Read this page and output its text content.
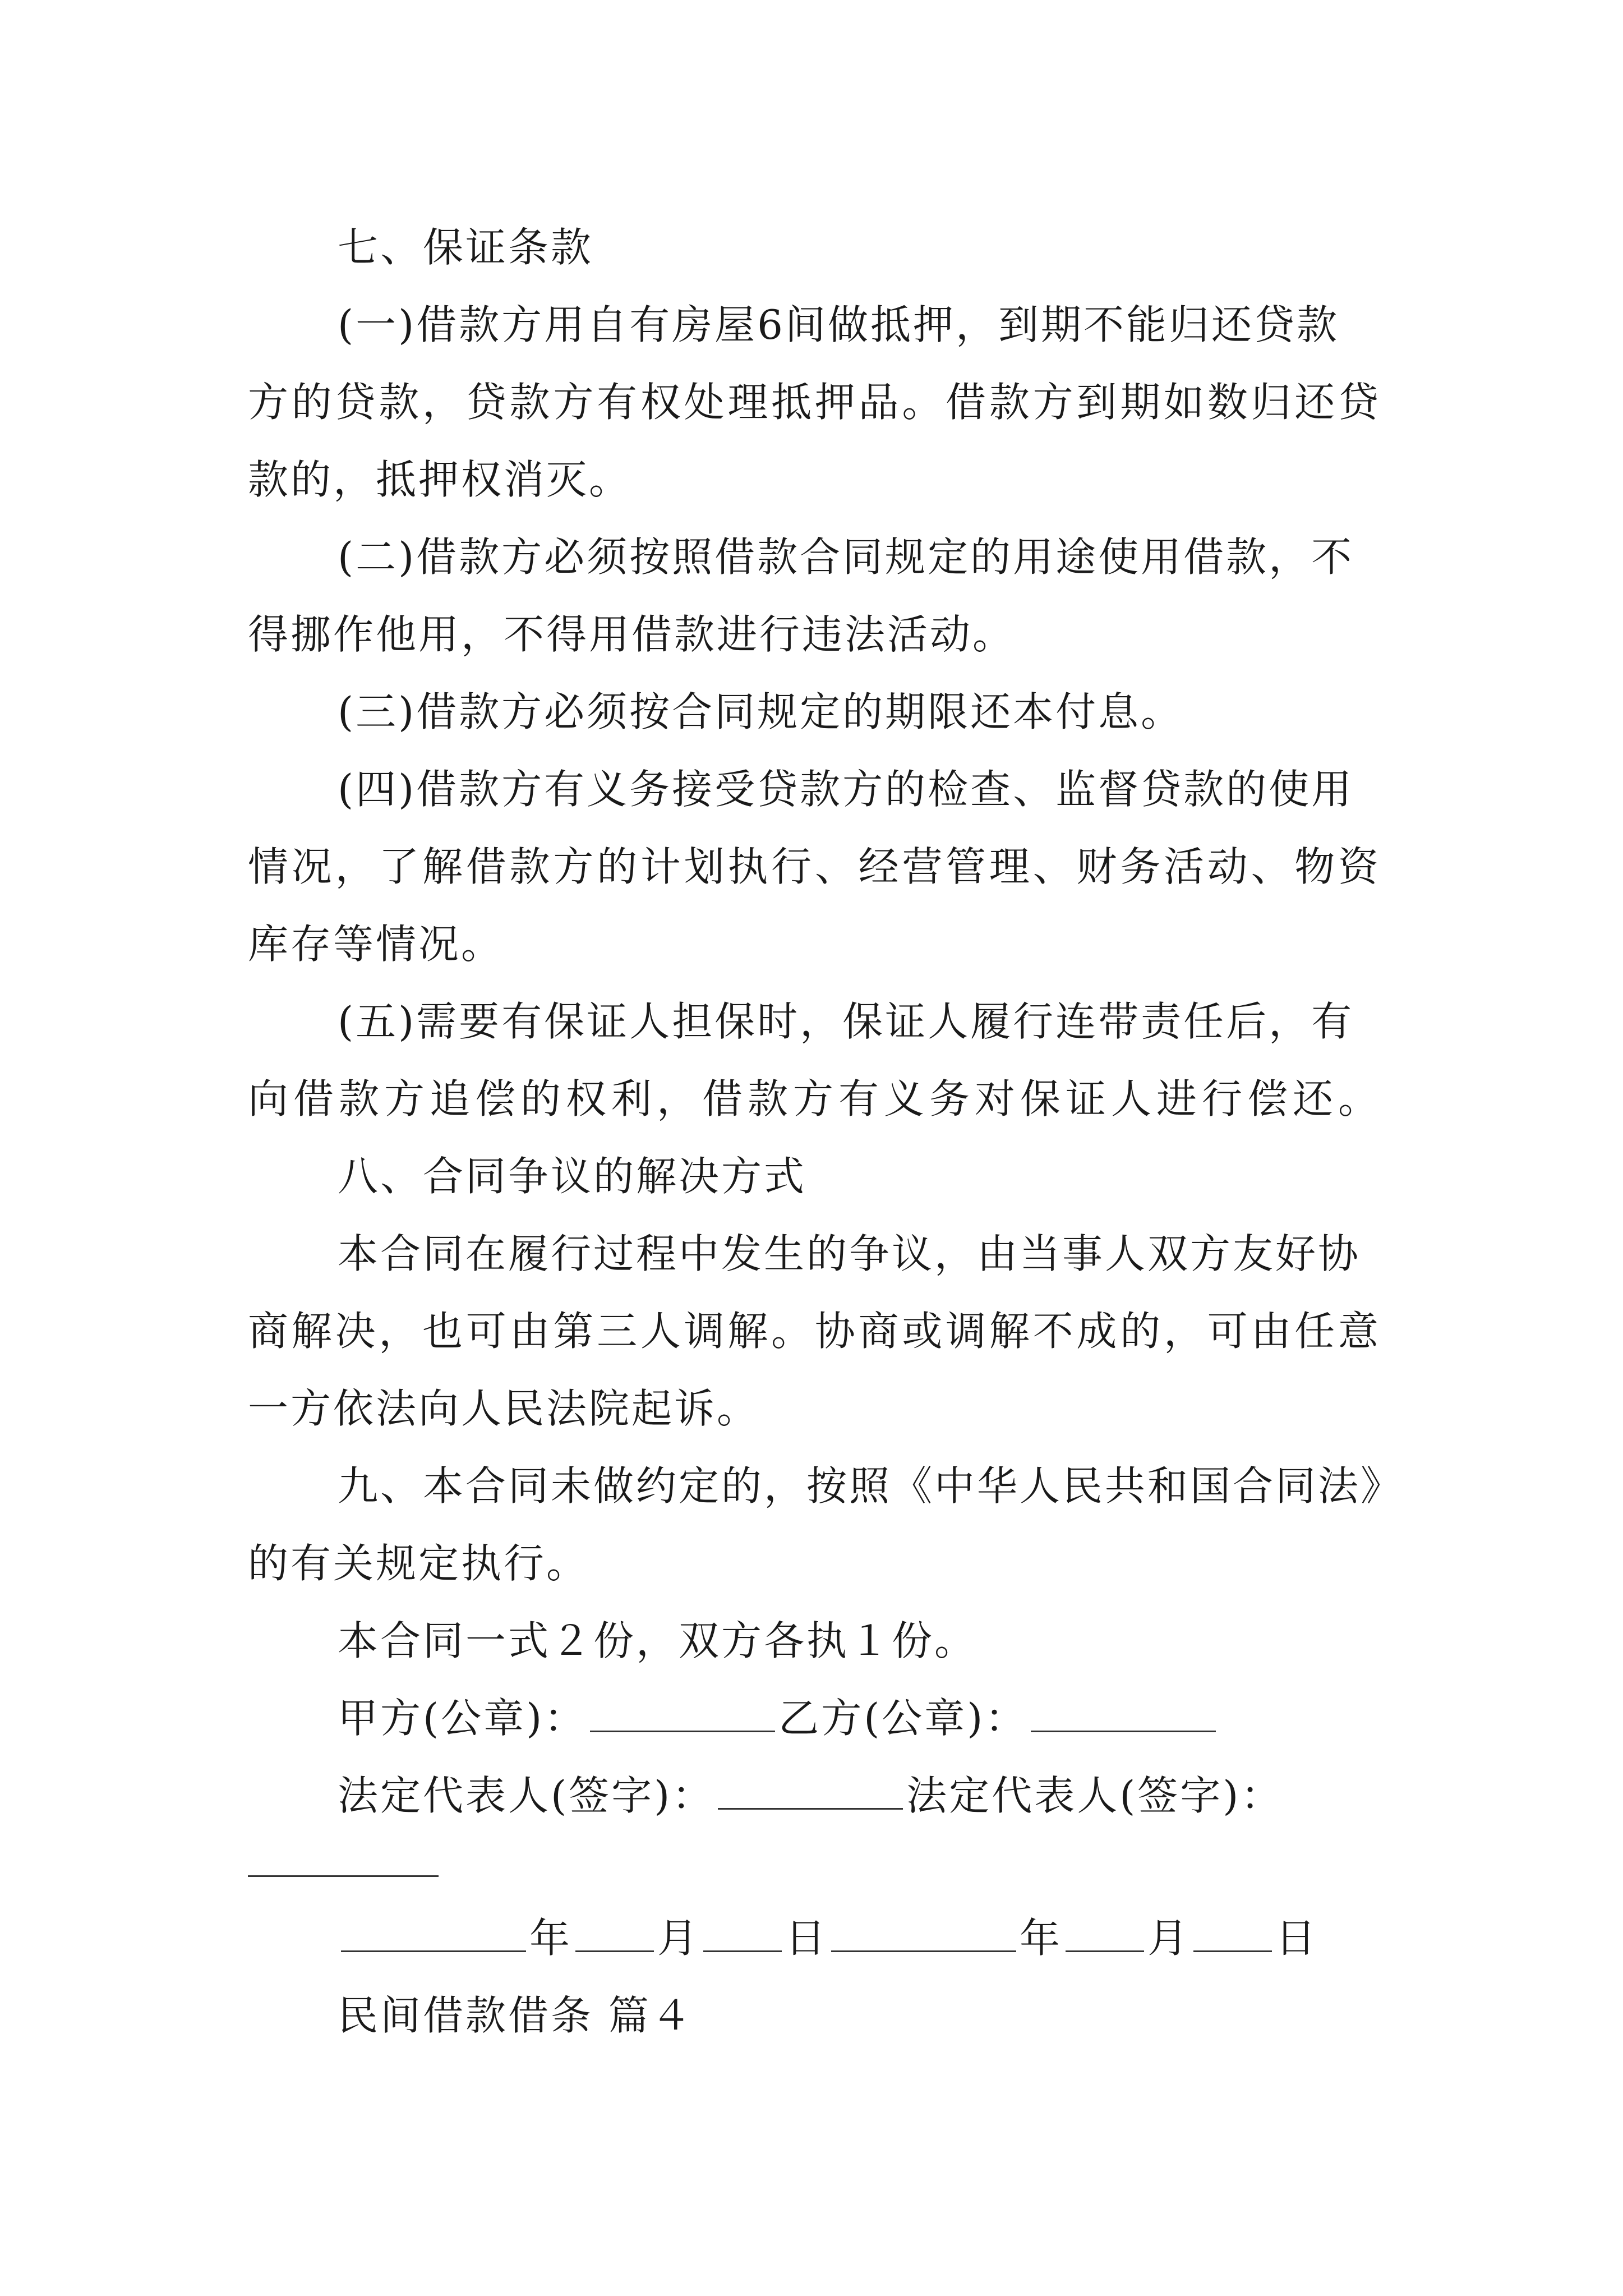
七、保证条款
(一)借款方用自有房屋6间做抵押，到期不能归还贷款
方的贷款，贷款方有权处理抵押品。借款方到期如数归还贷
款的，抵押权消灭。
(二)借款方必须按照借款合同规定的用途使用借款，不
得挪作他用，不得用借款进行违法活动。
(三)借款方必须按合同规定的期限还本付息。
(四)借款方有义务接受贷款方的检查、监督贷款的使用
情况，了解借款方的计划执行、经营管理、财务活动、物资
库存等情况。
(五)需要有保证人担保时，保证人履行连带责任后，有
向借款方追偿的权利，借款方有义务对保证人进行偿还。
八、合同争议的解决方式
本合同在履行过程中发生的争议，由当事人双方友好协
商解决，也可由第三人调解。协商或调解不成的，可由任意
一方依法向人民法院起诉。
九、本合同未做约定的，按照《中华人民共和国合同法》
的有关规定执行。
本合同一式２份，双方各执１份。
甲方(公章)：	乙方(公章)：
法定代表人(签字)：	法定代表人(签字)：
年 月 日	年 月 日
民间借款借条 篇４
